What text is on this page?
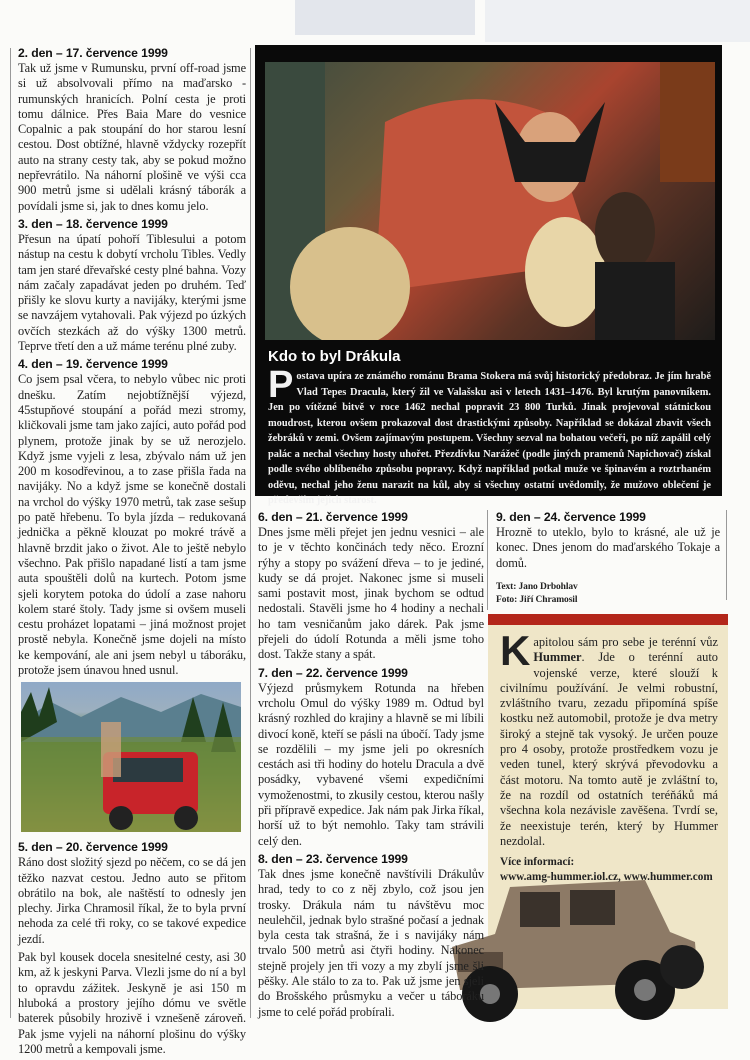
2. den – 17. července 1999

Tak už jsme v Rumunsku, první off-road jsme si už absolvovali přímo na maďarsko -rumunských hranicích. Polní cesta je proti tomu dálnice. Přes Baia Mare do vesnice Copalnic a pak stoupání do hor starou lesní cestou. Dost obtížné, hlavně vždycky rozepřít auto na strany cesty tak, aby se pokud možno nepřevrátilo. Na náhorní plošině ve výši cca 900 metrů jsme si udělali krásný táborák a povídali jsme si, jak to dnes komu jelo.

3. den – 18. července 1999

Přesun na úpatí pohoří Tiblesului a potom nástup na cestu k dobytí vrcholu Tibles. Vedly tam jen staré dřevařské cesty plné bahna. Vozy nám začaly zapadávat jeden po druhém. Teď přišly ke slovu kurty a navijáky, kterými jsme se navzájem vytahovali. Pak výjezd po úzkých ovčích stezkách až do výšky 1300 metrů. Teprve třetí den a už máme terénu plné zuby.

4. den – 19. července 1999

Co jsem psal včera, to nebylo vůbec nic proti dnešku. Zatím nejobtížnější výjezd, 45stupňové stoupání a pořád mezi stromy, kličkovali jsme tam jako zajíci, auto pořád pod plynem, protože jinak by se už nerozjelo. Když jsme vyjeli z lesa, zbývalo nám už jen 200 m kosodřevinou, a to zase přišla řada na navijáky. No a když jsme se konečně dostali na vrchol do výšky 1970 metrů, tak zase sešup po patě hřebenu. To byla jízda – redukovaná jednička a pěkně klouzat po mokré trávě a hlavně brzdit jako o život. Ale to ještě nebylo všechno. Pak přišlo napadané listí a tam jsme auta spouštěli dolů na kurtech. Potom jsme sjeli korytem potoka do údolí a zase nahoru kolem staré štoly. Tady jsme si ovšem museli cestu proházet lopatami – jiná možnost projet prostě nebyla. Konečně jsme dojeli na místo ke kempování, ale ani jsem nebyl u táboráku, protože jsem únavou hned usnul.

5. den – 20. července 1999

Ráno dost složitý sjezd po něčem, co se dá jen těžko nazvat cestou. Jedno auto se přitom obrátilo na bok, ale naštěstí to odnesly jen plechy. Jirka Chramosil říkal, že to byla první nehoda za celé tři roky, co se takové expedice jezdí.

Pak byl kousek docela snesitelné cesty, asi 30 km, až k jeskyni Parva. Vlezli jsme do ní a byl to opravdu zážitek. Jeskyně je asi 150 m hluboká a prostory jejího dómu ve světle baterek působily hrozivě i vznešeně zároveň. Pak jsme vyjeli na náhorní plošinu do výšky 1200 metrů a kempovali jsme.

Kdo to byl Drákula
Postava upíra ze známého románu Brama Stokera má svůj historický předobraz. Je jím hrabě Vlad Tepes Dracula, který žil ve Valašsku asi v letech 1431–1476. Byl krutým panovníkem. Jen po vítězné bitvě v roce 1462 nechal popravit 23 800 Turků. Jinak projevoval státnickou moudrost, kterou ovšem prokazoval dost drastickými způsoby. Například se dokázal zbavit všech žebráků v zemi. Ovšem zajímavým postupem. Všechny sezval na bohatou večeři, po níž zapálil celý palác a nechal všechny hosty uhořet. Přezdívku Narážeč (podle jiných pramenů Napichovač) získal podle svého oblíbeného způsobu popravy. Když například potkal muže ve špinavém a roztrhaném oděvu, nechal jeho ženu narazit na kůl, aby si všechny ostatní uvědomily, že mužovo oblečení je především jejich starost.
6. den – 21. července 1999

Dnes jsme měli přejet jen jednu vesnici – ale to je v těchto končinách tedy něco. Erozní rýhy a stopy po svážení dřeva – to je jediné, kudy se dá projet. Nakonec jsme si museli sami postavit most, jinak bychom se odtud nedostali. Stavěli jsme ho 4 hodiny a nechali ho tam vesničanům jako dárek. Pak jsme přejeli do údolí Rotunda a měli jsme toho dost. Takže stany a spát.

7. den – 22. července 1999

Výjezd průsmykem Rotunda na hřeben vrcholu Omul do výšky 1989 m. Odtud byl krásný rozhled do krajiny a hlavně se mi líbili divocí koně, kteří se pásli na úbočí. Tady jsme se rozdělili – my jsme jeli po okresních cestách asi tři hodiny do hotelu Dracula a dvě posádky, vybavené všemi expedičními vymoženostmi, to zkusily cestou, kterou našly při přípravě expedice. Jak nám pak Jirka říkal, horší už to být nemohlo. Taky tam strávili celý den.

8. den – 23. července 1999

Tak dnes jsme konečně navštívili Drákulův hrad, tedy to co z něj zbylo, což jsou jen trosky. Drákula nám tu návštěvu moc neulehčil, jednak bylo strašné počasí a jednak byla cesta tak strašná, že i s navijáky nám trvalo 500 metrů asi čtyři hodiny. Nakonec stejně projely jen tři vozy a my zbylí jsme šli pěšky. Ale stálo to za to. Pak už jsme jen sjeli do Brošského průsmyku a večer u táboráku jsme to celé pořád probírali.

9. den – 24. července 1999

Hrozně to uteklo, bylo to krásné, ale už je konec. Dnes jenom do maďarského Tokaje a domů.

Text: Jano Drbohlav
Foto: Jiří Chramosil
Kapitolou sám pro sebe je terénní vůz Hummer. Jde o terénní auto vojenské verze, které slouží k civilnímu používání. Je velmi robustní, zvláštního tvaru, zezadu připomíná spíše kostku než automobil, protože je dva metry široký a stejně tak vysoký. Je určen pouze pro 4 osoby, protože prostředkem vozu je veden tunel, který skrývá převodovku a část motoru. Na tomto autě je zvláštní to, že na rozdíl od ostatních teréňáků má všechna kola nezávisle zavěšena. Tvrdí se, že neexistuje terén, který by Hummer nezdolal.
Více informací:
www.amg-hummer.iol.cz, www.hummer.com
